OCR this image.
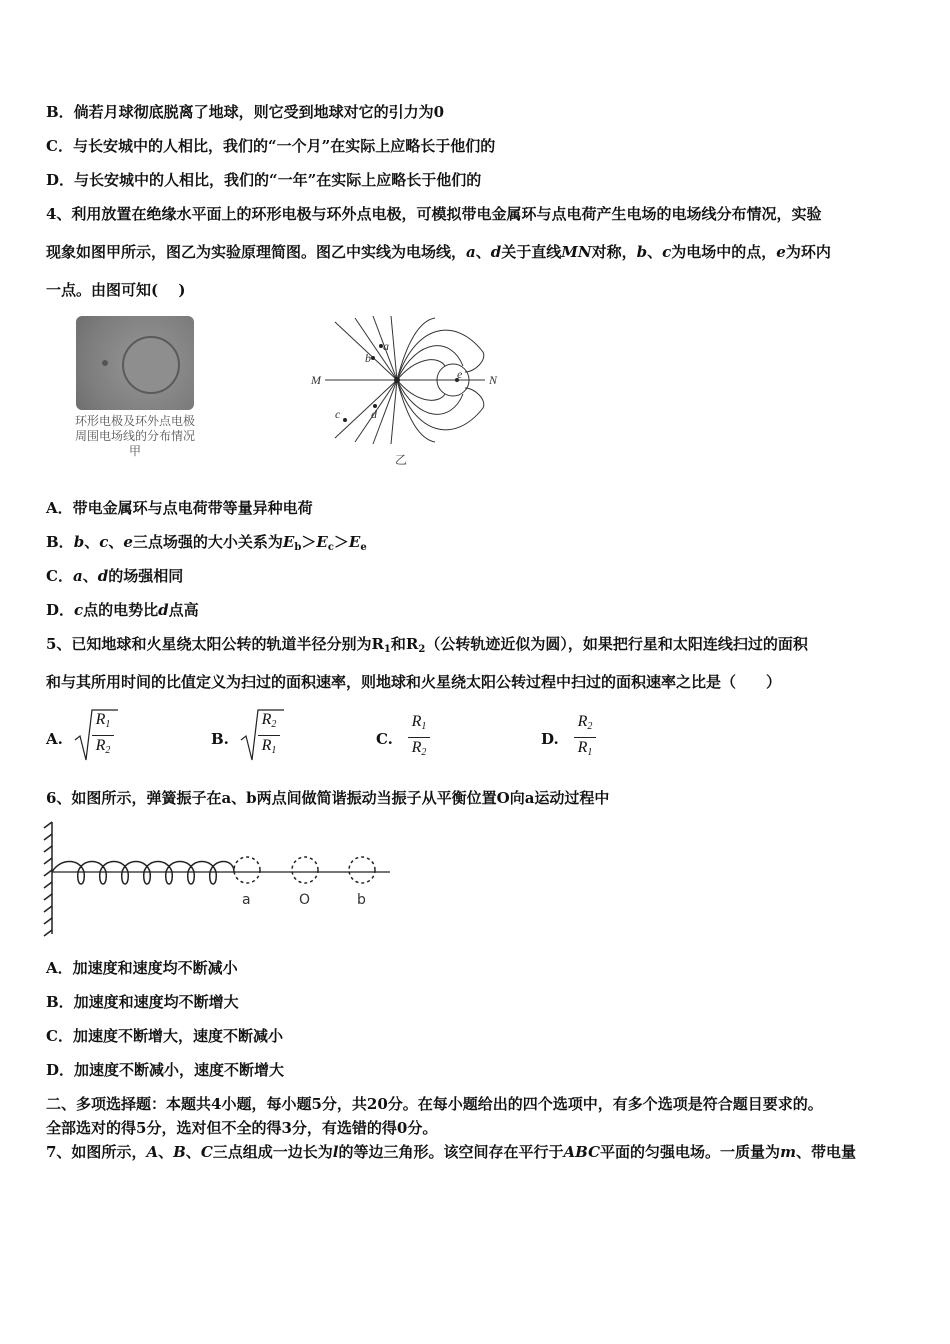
B．倘若月球彻底脱离了地球，则它受到地球对它的引力为0
C．与长安城中的人相比，我们的“一个月”在实际上应略长于他们的
D．与长安城中的人相比，我们的“一年”在实际上应略长于他们的
4、利用放置在绝缘水平面上的环形电极与环外点电极，可模拟带电金属环与点电荷产生电场的电场线分布情况，实验
现象如图甲所示，图乙为实验原理简图。图乙中实线为电场线，a、d关于直线MN对称，b、c为电场中的点，e为环内
一点。由图可知(　 )
环形电极及环外点电极
周围电场线的分布情况
甲
M	N
a
b
c	d
e
乙
A．带电金属环与点电荷带等量异种电荷
B．b、c、e三点场强的大小关系为$E_b>E_c>E_e$
C．a、d的场强相同
D．c点的电势比d点高
5、已知地球和火星绕太阳公转的轨道半径分别为$R_1$和$R_2$（公转轨迹近似为圆），如果把行星和太阳连线扫过的面积
和与其所用时间的比值定义为扫过的面积速率，则地球和火星绕太阳公转过程中扫过的面积速率之比是（　　）
A.
$R_1$
$R_2$
B.
$R_2$
$R_1$
C.
$R_1$
$R_2$
D.
$R_2$
$R_1$
6、如图所示，弹簧振子在a、b两点间做简谐振动当振子从平衡位置O向a运动过程中
a	O	b
A．加速度和速度均不断减小
B．加速度和速度均不断增大
C．加速度不断增大，速度不断减小
D．加速度不断减小，速度不断增大
二、多项选择题：本题共4小题，每小题5分，共20分。在每小题给出的四个选项中，有多个选项是符合题目要求的。
全部选对的得5分，选对但不全的得3分，有选错的得0分。
7、如图所示，A、B、C三点组成一边长为l的等边三角形。该空间存在平行于ABC平面的匀强电场。一质量为m、带电量
